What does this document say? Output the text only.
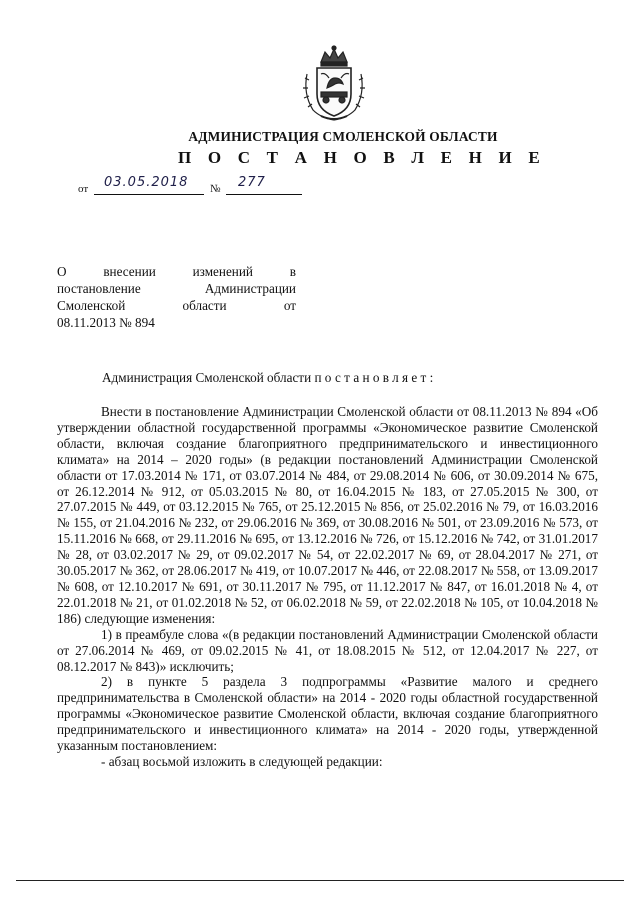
АДМИНИСТРАЦИЯ СМОЛЕНСКОЙ ОБЛАСТИ
П О С Т А Н О В Л Е Н И Е
от 03.05.2018 № 277
О внесении изменений в
постановление Администрации
Смоленской области от
08.11.2013 № 894
Администрация Смоленской области постановляет:

Внести в постановление Администрации Смоленской области от 08.11.2013 № 894 «Об утверждении областной государственной программы «Экономическое развитие Смоленской области, включая создание благоприятного предпринимательского и инвестиционного климата» на 2014 – 2020 годы» (в редакции постановлений Администрации Смоленской области от 17.03.2014 № 171, от 03.07.2014 № 484, от 29.08.2014 № 606, от 30.09.2014 № 675, от 26.12.2014 № 912, от 05.03.2015 № 80, от 16.04.2015 № 183, от 27.05.2015 № 300, от 27.07.2015 № 449, от 03.12.2015 № 765, от 25.12.2015 № 856, от 25.02.2016 № 79, от 16.03.2016 № 155, от 21.04.2016 № 232, от 29.06.2016 № 369, от 30.08.2016 № 501, от 23.09.2016 № 573, от 15.11.2016 № 668, от 29.11.2016 № 695, от 13.12.2016 № 726, от 15.12.2016 № 742, от 31.01.2017 № 28, от 03.02.2017 № 29, от 09.02.2017 № 54, от 22.02.2017 № 69, от 28.04.2017 № 271, от 30.05.2017 № 362, от 28.06.2017 № 419, от 10.07.2017 № 446, от 22.08.2017 № 558, от 13.09.2017 № 608, от 12.10.2017 № 691, от 30.11.2017 № 795, от 11.12.2017 № 847, от 16.01.2018 № 4, от 22.01.2018 № 21, от 01.02.2018 № 52, от 06.02.2018 № 59, от 22.02.2018 № 105, от 10.04.2018 № 186) следующие изменения:

1) в преамбуле слова «(в редакции постановлений Администрации Смоленской области от 27.06.2014 № 469, от 09.02.2015 № 41, от 18.08.2015 № 512, от 12.04.2017 № 227, от 08.12.2017 № 843)» исключить;

2) в пункте 5 раздела 3 подпрограммы «Развитие малого и среднего предпринимательства в Смоленской области» на 2014 - 2020 годы областной государственной программы «Экономическое развитие Смоленской области, включая создание благоприятного предпринимательского и инвестиционного климата» на 2014 - 2020 годы, утвержденной указанным постановлением:

- абзац восьмой изложить в следующей редакции:
